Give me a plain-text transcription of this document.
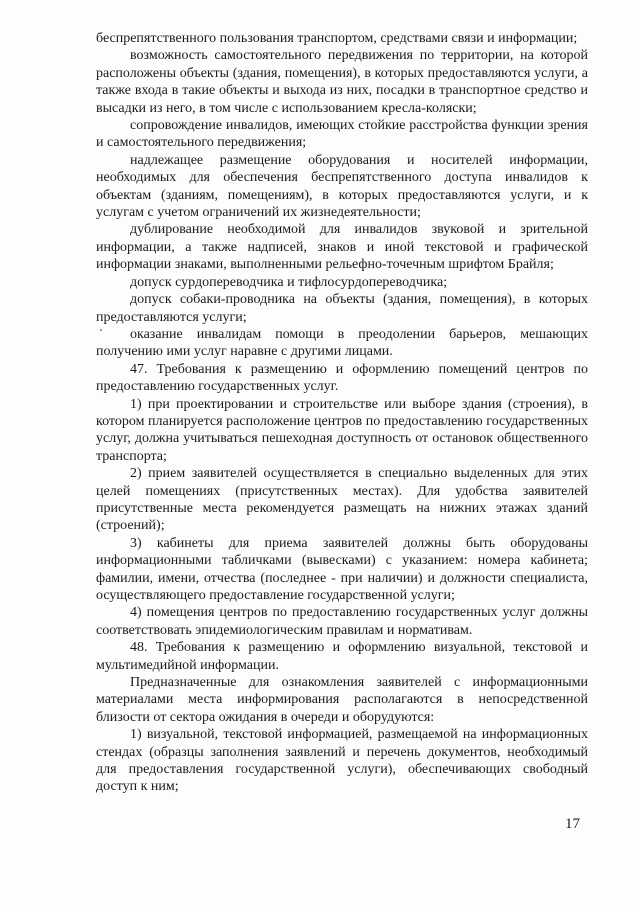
беспрепятственного пользования транспортом, средствами связи и информации;

возможность самостоятельного передвижения по территории, на которой расположены объекты (здания, помещения), в которых предоставляются услуги, а также входа в такие объекты и выхода из них, посадки в транспортное средство и высадки из него, в том числе с использованием кресла-коляски;

сопровождение инвалидов, имеющих стойкие расстройства функции зрения и самостоятельного передвижения;

надлежащее размещение оборудования и носителей информации, необходимых для обеспечения беспрепятственного доступа инвалидов к объектам (зданиям, помещениям), в которых предоставляются услуги, и к услугам с учетом ограничений их жизнедеятельности;

дублирование необходимой для инвалидов звуковой и зрительной информации, а также надписей, знаков и иной текстовой и графической информации знаками, выполненными рельефно-точечным шрифтом Брайля;

допуск сурдопереводчика и тифлосурдопереводчика;

допуск собаки-проводника на объекты (здания, помещения), в которых предоставляются услуги;

оказание инвалидам помощи в преодолении барьеров, мешающих получению ими услуг наравне с другими лицами.

47. Требования к размещению и оформлению помещений центров по предоставлению государственных услуг.

1) при проектировании и строительстве или выборе здания (строения), в котором планируется расположение центров по предоставлению государственных услуг, должна учитываться пешеходная доступность от остановок общественного транспорта;

2) прием заявителей осуществляется в специально выделенных для этих целей помещениях (присутственных местах). Для удобства заявителей присутственные места рекомендуется размещать на нижних этажах зданий (строений);

3) кабинеты для приема заявителей должны быть оборудованы информационными табличками (вывесками) с указанием: номера кабинета; фамилии, имени, отчества (последнее - при наличии) и должности специалиста, осуществляющего предоставление государственной услуги;

4) помещения центров по предоставлению государственных услуг должны соответствовать эпидемиологическим правилам и нормативам.

48. Требования к размещению и оформлению визуальной, текстовой и мультимедийной информации.

Предназначенные для ознакомления заявителей с информационными материалами места информирования располагаются в непосредственной близости от сектора ожидания в очереди и оборудуются:

1) визуальной, текстовой информацией, размещаемой на информационных стендах (образцы заполнения заявлений и перечень документов, необходимый для предоставления государственной услуги), обеспечивающих свободный доступ к ним;

17
